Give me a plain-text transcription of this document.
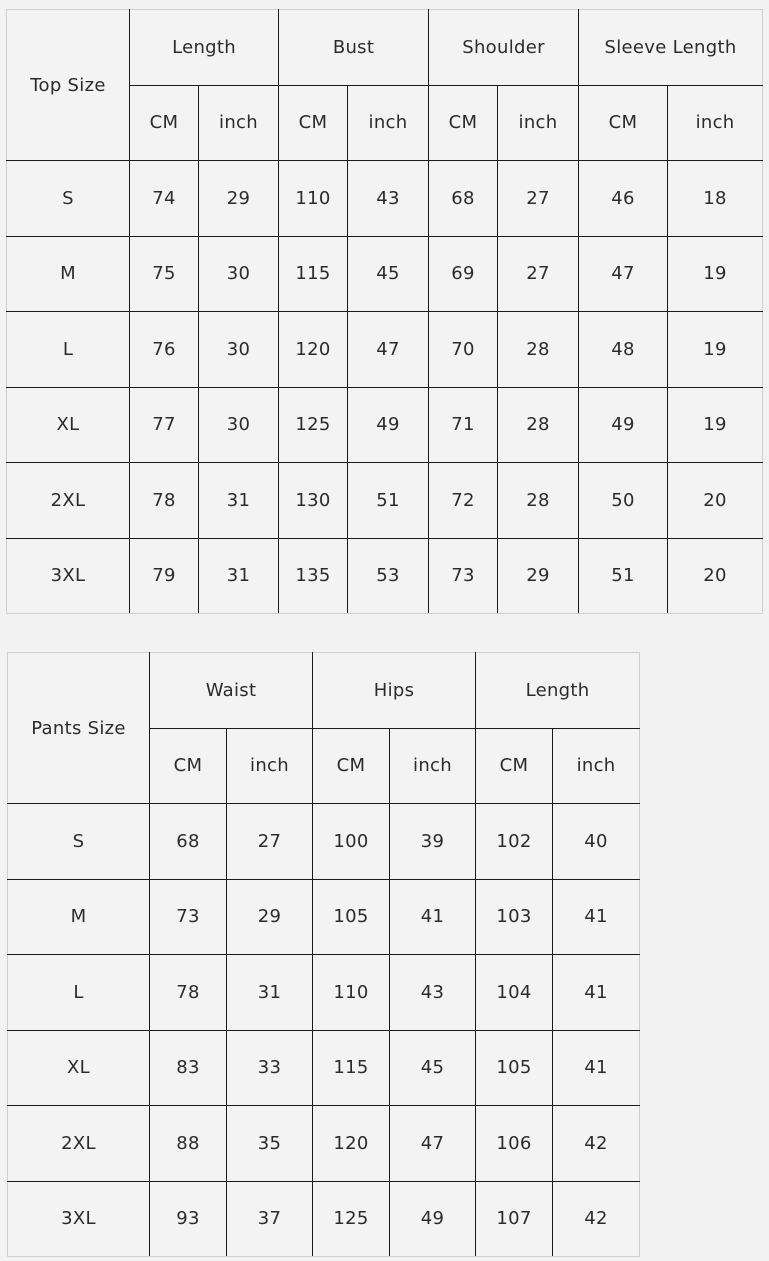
Top Size	Length		Bust		Shoulder		Sleeve Length	
	CM	inch	CM	inch	CM	inch	CM	inch
S	74	29	110	43	68	27	46	18
M	75	30	115	45	69	27	47	19
L	76	30	120	47	70	28	48	19
XL	77	30	125	49	71	28	49	19
2XL	78	31	130	51	72	28	50	20
3XL	79	31	135	53	73	29	51	20
Pants Size	Waist		Hips		Length	
	CM	inch	CM	inch	CM	inch
S	68	27	100	39	102	40
M	73	29	105	41	103	41
L	78	31	110	43	104	41
XL	83	33	115	45	105	41
2XL	88	35	120	47	106	42
3XL	93	37	125	49	107	42
